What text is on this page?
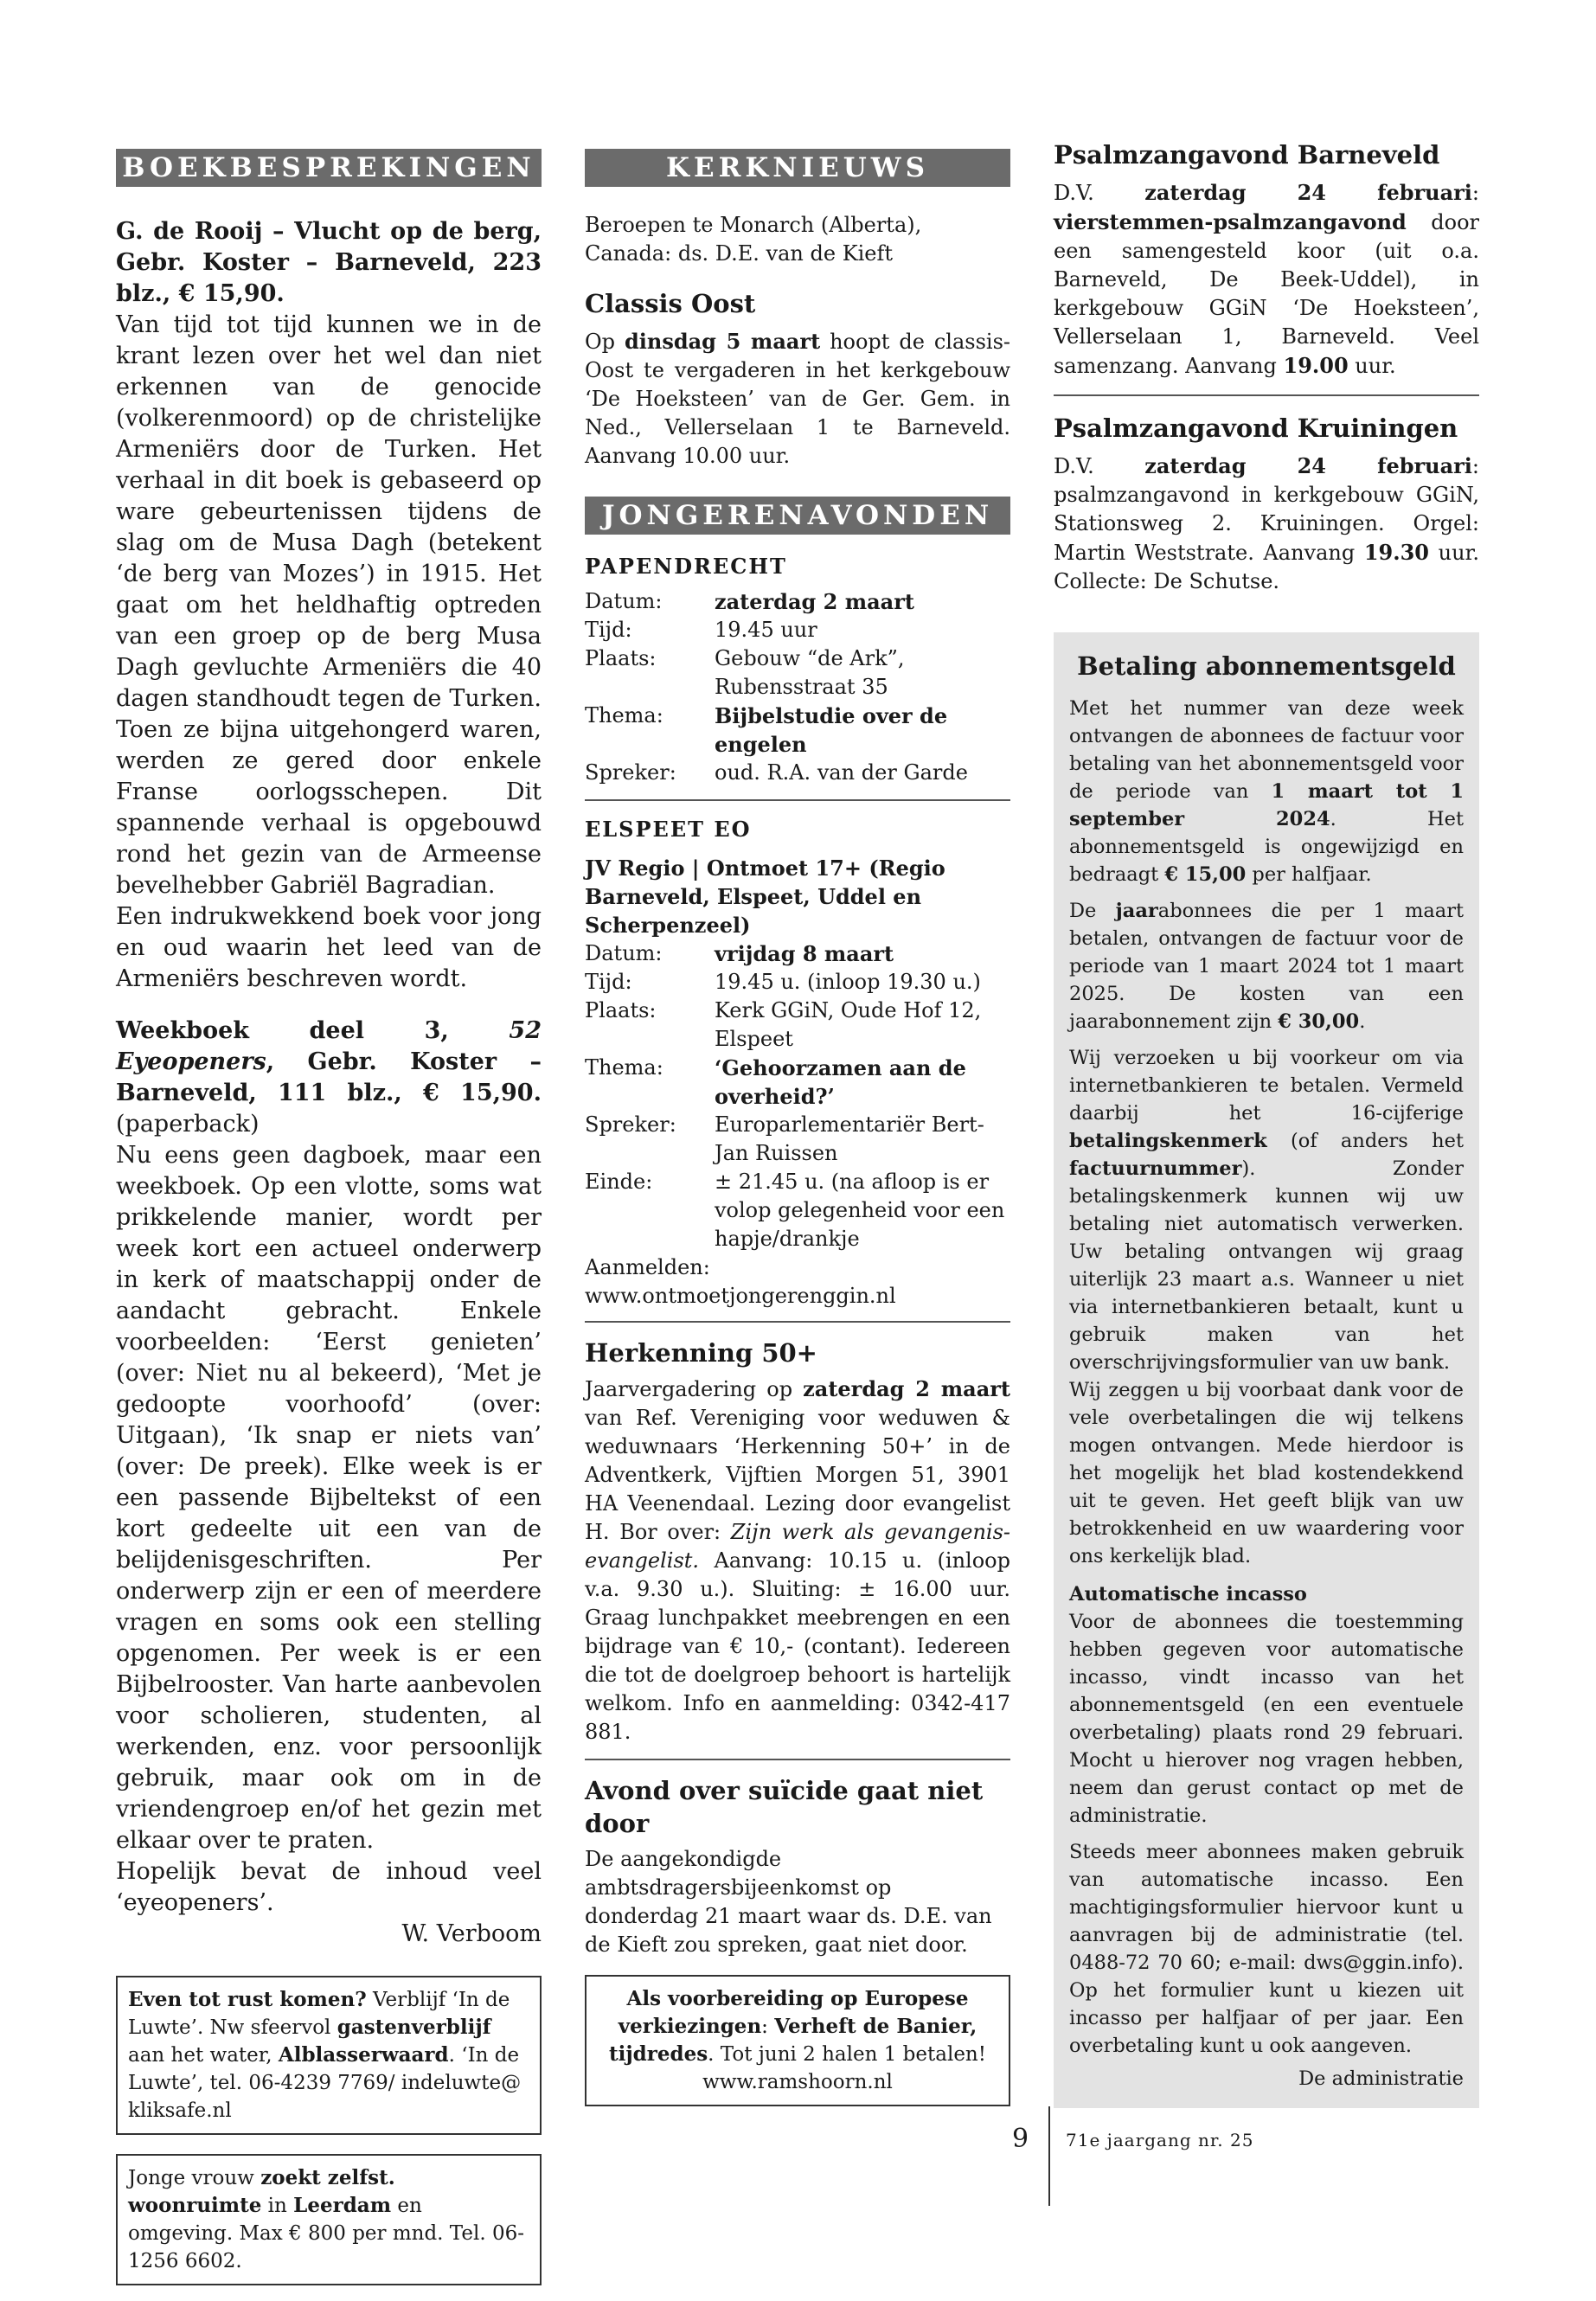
BOEKBESPREKINGEN
G. de Rooij – Vlucht op de berg, Gebr. Koster – Barneveld, 223 blz., € 15,90.
Van tijd tot tijd kunnen we in de krant lezen over het wel dan niet erkennen van de genocide (volkerenmoord) op de christelijke Armeniërs door de Turken. Het verhaal in dit boek is gebaseerd op ware gebeurtenissen tijdens de slag om de Musa Dagh (betekent ‘de berg van Mozes’) in 1915. Het gaat om het heldhaftig optreden van een groep op de berg Musa Dagh gevluchte Armeniërs die 40 dagen standhoudt tegen de Turken. Toen ze bijna uitgehongerd waren, werden ze gered door enkele Franse oorlogsschepen. Dit spannende verhaal is opgebouwd rond het gezin van de Armeense bevelhebber Gabriël Bagradian.
Een indrukwekkend boek voor jong en oud waarin het leed van de Armeniërs beschreven wordt.
Weekboek deel 3, 52 Eyeopeners, Gebr. Koster – Barneveld, 111 blz., € 15,90. (paperback)
Nu eens geen dagboek, maar een weekboek. Op een vlotte, soms wat prikkelende manier, wordt per week kort een actueel onderwerp in kerk of maatschappij onder de aandacht gebracht. Enkele voorbeelden: ‘Eerst genieten’ (over: Niet nu al bekeerd), ‘Met je gedoopte voorhoofd’ (over: Uitgaan), ‘Ik snap er niets van’ (over: De preek). Elke week is er een passende Bijbeltekst of een kort gedeelte uit een van de belijdenisgeschriften. Per onderwerp zijn er een of meerdere vragen en soms ook een stelling opgenomen. Per week is er een Bijbelrooster. Van harte aanbevolen voor scholieren, studenten, al werkenden, enz. voor persoonlijk gebruik, maar ook om in de vriendengroep en/of het gezin met elkaar over te praten.
Hopelijk bevat de inhoud veel ‘eyeopeners’.
W. Verboom
Even tot rust komen? Verblijf ‘In de Luwte’. Nw sfeervol gastenverblijf aan het water, Alblasserwaard. ‘In de Luwte’, tel. 06-4239 7769/ indeluwte@ kliksafe.nl
Jonge vrouw zoekt zelfst. woonruimte in Leerdam en omgeving. Max € 800 per mnd. Tel. 06-1256 6602.
KERKNIEUWS
Beroepen te Monarch (Alberta), Canada: ds. D.E. van de Kieft
Classis Oost
Op dinsdag 5 maart hoopt de classis-Oost te vergaderen in het kerkgebouw ‘De Hoeksteen’ van de Ger. Gem. in Ned., Vellerselaan 1 te Barneveld. Aanvang 10.00 uur.
JONGERENAVONDEN
PAPENDRECHT
Datum:	zaterdag 2 maart
Tijd:	19.45 uur
Plaats:	Gebouw “de Ark”, Rubensstraat 35
Thema:	Bijbelstudie over de engelen
Spreker:	oud. R.A. van der Garde
ELSPEET EO
JV Regio | Ontmoet 17+ (Regio Barneveld, Elspeet, Uddel en Scherpenzeel)
Datum:	vrijdag 8 maart
Tijd:	19.45 u. (inloop 19.30 u.)
Plaats:	Kerk GGiN, Oude Hof 12, Elspeet
Thema:	‘Gehoorzamen aan de overheid?’
Spreker:	Europarlementariër Bert-Jan Ruissen
Einde:	± 21.45 u. (na afloop is er volop gelegenheid voor een hapje/drankje
Aanmelden:
www.ontmoetjongerenggin.nl
Herkenning 50+
Jaarvergadering op zaterdag 2 maart van Ref. Vereniging voor weduwen & weduwnaars ‘Herkenning 50+’ in de Adventkerk, Vijftien Morgen 51, 3901 HA Veenendaal. Lezing door evangelist H. Bor over: Zijn werk als gevangenis-evangelist. Aanvang: 10.15 u. (inloop v.a. 9.30 u.). Sluiting: ± 16.00 uur. Graag lunchpakket meebrengen en een bijdrage van € 10,- (contant). Iedereen die tot de doelgroep behoort is hartelijk welkom. Info en aanmelding: 0342-417 881.
Avond over suïcide gaat niet door
De aangekondigde ambtsdragersbijeenkomst op donderdag 21 maart waar ds. D.E. van de Kieft zou spreken, gaat niet door.
Als voorbereiding op Europese verkiezingen: Verheft de Banier, tijdredes. Tot juni 2 halen 1 betalen!
www.ramshoorn.nl
Psalmzangavond Barneveld
D.V. zaterdag 24 februari: vierstemmen-psalmzangavond door een samengesteld koor (uit o.a. Barneveld, De Beek-Uddel), in kerkgebouw GGiN ‘De Hoeksteen’, Vellerselaan 1, Barneveld. Veel samenzang. Aanvang 19.00 uur.
Psalmzangavond Kruiningen
D.V. zaterdag 24 februari: psalmzangavond in kerkgebouw GGiN, Stationsweg 2. Kruiningen. Orgel: Martin Weststrate. Aanvang 19.30 uur. Collecte: De Schutse.
Betaling abonnementsgeld

Met het nummer van deze week ontvangen de abonnees de factuur voor betaling van het abonnementsgeld voor de periode van 1 maart tot 1 september 2024. Het abonnementsgeld is ongewijzigd en bedraagt € 15,00 per halfjaar.

De jaarabonnees die per 1 maart betalen, ontvangen de factuur voor de periode van 1 maart 2024 tot 1 maart 2025. De kosten van een jaarabonnement zijn € 30,00.

Wij verzoeken u bij voorkeur om via internetbankieren te betalen. Vermeld daarbij het 16-cijferige betalingskenmerk (of anders het factuurnummer). Zonder betalingskenmerk kunnen wij uw betaling niet automatisch verwerken. Uw betaling ontvangen wij graag uiterlijk 23 maart a.s. Wanneer u niet via internetbankieren betaalt, kunt u gebruik maken van het overschrijvingsformulier van uw bank.

Wij zeggen u bij voorbaat dank voor de vele overbetalingen die wij telkens mogen ontvangen. Mede hierdoor is het mogelijk het blad kostendekkend uit te geven. Het geeft blijk van uw betrokkenheid en uw waardering voor ons kerkelijk blad.
Automatische incasso
Voor de abonnees die toestemming hebben gegeven voor automatische incasso, vindt incasso van het abonnementsgeld (en een eventuele overbetaling) plaats rond 29 februari. Mocht u hierover nog vragen hebben, neem dan gerust contact op met de administratie.
Steeds meer abonnees maken gebruik van automatische incasso. Een machtigingsformulier hiervoor kunt u aanvragen bij de administratie (tel. 0488-72 70 60; e-mail: dws@ggin.info). Op het formulier kunt u kiezen uit incasso per halfjaar of per jaar. Een overbetaling kunt u ook aangeven.
De administratie
9 71e jaargang nr. 25
